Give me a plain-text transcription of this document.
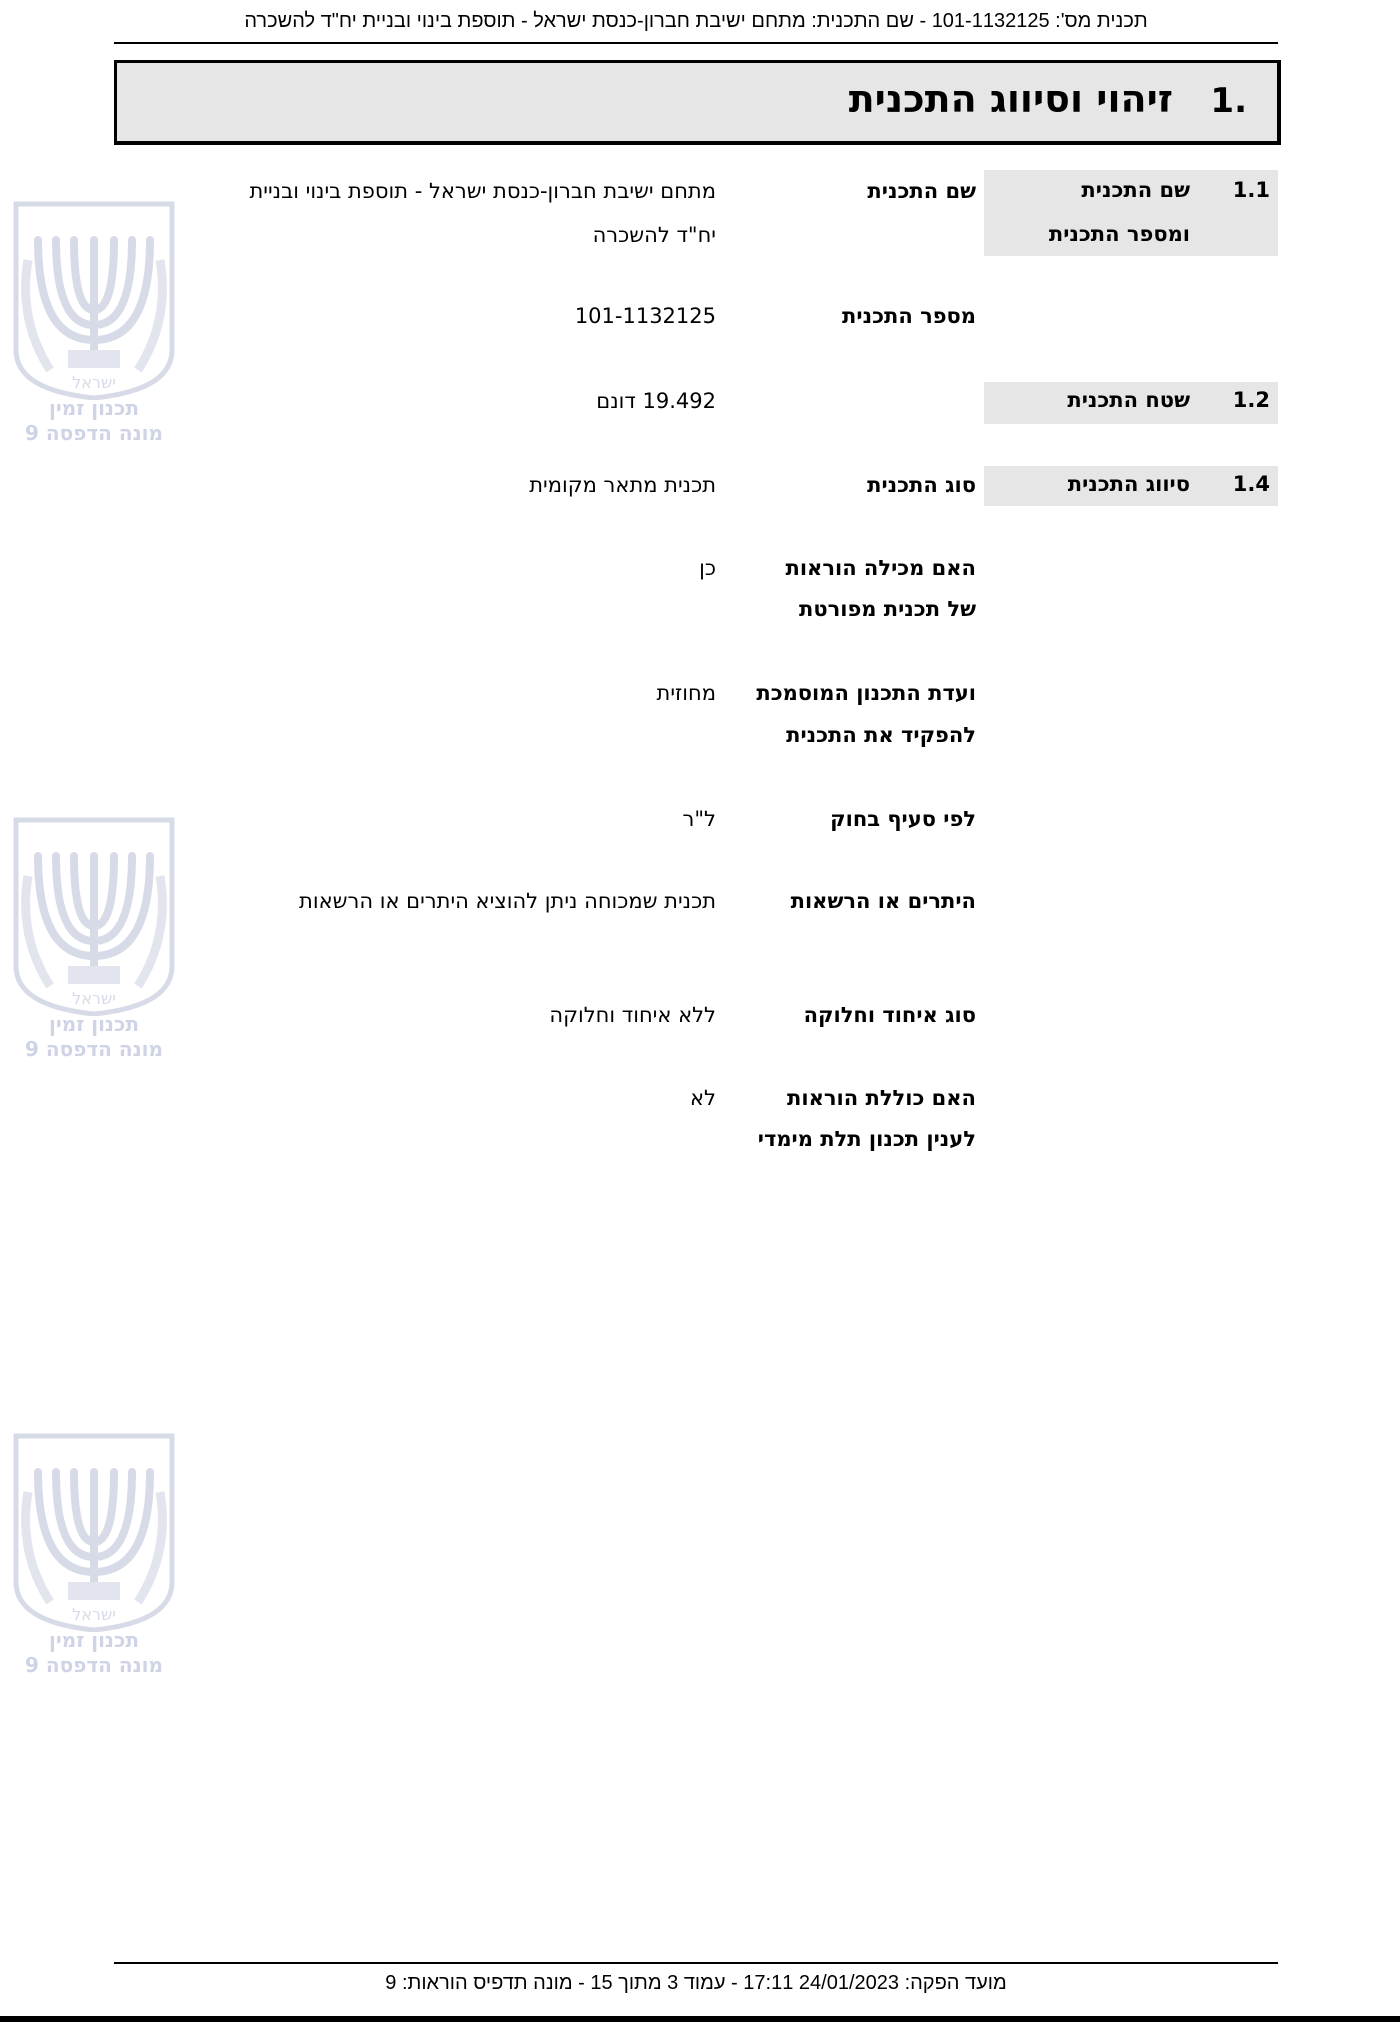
תכנית מס': 101-1132125 - שם התכנית: מתחם ישיבת חברון-כנסת ישראל - תוספת בינוי ובניית יח"ד להשכרה
.1
זיהוי וסיווג התכנית
1.1
שם התכנית
ומספר התכנית
1.2
שטח התכנית
1.4
סיווג התכנית
שם התכנית
מתחם ישיבת חברון-כנסת ישראל - תוספת בינוי ובניית
יח"ד להשכרה
מספר התכנית
101-1132125
19.492 דונם
סוג התכנית
תכנית מתאר מקומית
האם מכילה הוראות
של תכנית מפורטת
כן
ועדת התכנון המוסמכת
להפקיד את התכנית
מחוזית
לפי סעיף בחוק
ל"ר
היתרים או הרשאות
תכנית שמכוחה ניתן להוציא היתרים או הרשאות
סוג איחוד וחלוקה
ללא איחוד וחלוקה
האם כוללת הוראות
לענין תכנון תלת מימדי
לא
ישראל
תכנון זמין
מונה הדפסה 9
ישראל
תכנון זמין
מונה הדפסה 9
ישראל
תכנון זמין
מונה הדפסה 9
מועד הפקה: 24/01/2023 17:11 - עמוד 3 מתוך 15 - מונה תדפיס הוראות: 9
